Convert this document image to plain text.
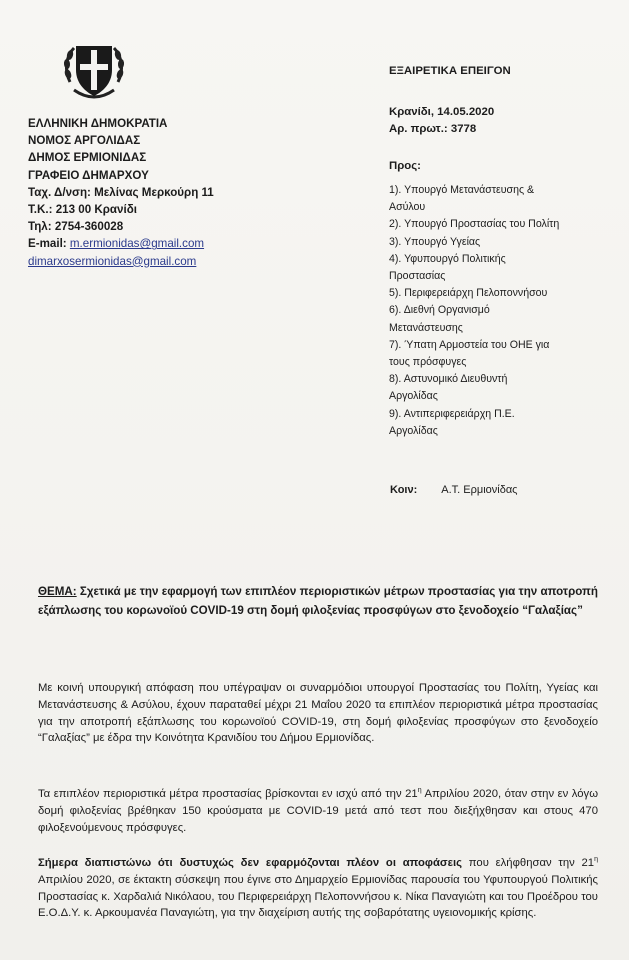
ΕΛΛΗΝΙΚΗ ΔΗΜΟΚΡΑΤΙΑ
ΝΟΜΟΣ ΑΡΓΟΛΙΔΑΣ
ΔΗΜΟΣ ΕΡΜΙΟΝΙΔΑΣ
ΓΡΑΦΕΙΟ ΔΗΜΑΡΧΟΥ
Ταχ. Δ/νση: Μελίνας Μερκούρη 11
Τ.Κ.: 213 00 Κρανίδι
Τηλ: 2754-360028
E-mail: m.ermionidas@gmail.com
dimarxosermionidas@gmail.com
ΕΞΑΙΡΕΤΙΚΑ ΕΠΕΙΓΟΝ
Κρανίδι, 14.05.2020
Αρ. πρωτ.: 3778
Προς:
1). Υπουργό Μετανάστευσης &
Ασύλου
2). Υπουργό Προστασίας του Πολίτη
3). Υπουργό Υγείας
4). Υφυπουργό Πολιτικής
Προστασίας
5). Περιφερειάρχη Πελοποννήσου
6). Διεθνή Οργανισμό
Μετανάστευσης
7). Ύπατη Αρμοστεία του ΟΗΕ για
τους πρόσφυγες
8). Αστυνομικό Διευθυντή
Αργολίδας
9). Αντιπεριφερειάρχη Π.Ε.
Αργολίδας
Κοιν: Α.Τ. Ερμιονίδας
ΘΕΜΑ: Σχετικά με την εφαρμογή των επιπλέον περιοριστικών μέτρων προστασίας για την αποτροπή εξάπλωσης του κορωνοϊού COVID-19 στη δομή φιλοξενίας προσφύγων στο ξενοδοχείο “Γαλαξίας”
Με κοινή υπουργική απόφαση που υπέγραψαν οι συναρμόδιοι υπουργοί Προστασίας του Πολίτη, Υγείας και Μετανάστευσης & Ασύλου, έχουν παραταθεί μέχρι 21 Μαΐου 2020 τα επιπλέον περιοριστικά μέτρα προστασίας για την αποτροπή εξάπλωσης του κορωνοϊού COVID-19, στη δομή φιλοξενίας προσφύγων στο ξενοδοχείο “Γαλαξίας” με έδρα την Κοινότητα Κρανιδίου του Δήμου Ερμιονίδας.
Τα επιπλέον περιοριστικά μέτρα προστασίας βρίσκονται εν ισχύ από την $21^\eta$ Απριλίου 2020, όταν στην εν λόγω δομή φιλοξενίας βρέθηκαν 150 κρούσματα με COVID-19 μετά από τεστ που διεξήχθησαν και στους 470 φιλοξενούμενους πρόσφυγες.
Σήμερα διαπιστώνω ότι δυστυχώς δεν εφαρμόζονται πλέον οι αποφάσεις που ελήφθησαν την $21^\eta$ Απριλίου 2020, σε έκτακτη σύσκεψη που έγινε στο Δημαρχείο Ερμιονίδας παρουσία του Υφυπουργού Πολιτικής Προστασίας κ. Χαρδαλιά Νικόλαου, του Περιφερειάρχη Πελοποννήσου κ. Νίκα Παναγιώτη και του Προέδρου του Ε.Ο.Δ.Υ. κ. Αρκουμανέα Παναγιώτη, για την διαχείριση αυτής της σοβαρότατης υγειονομικής κρίσης.
